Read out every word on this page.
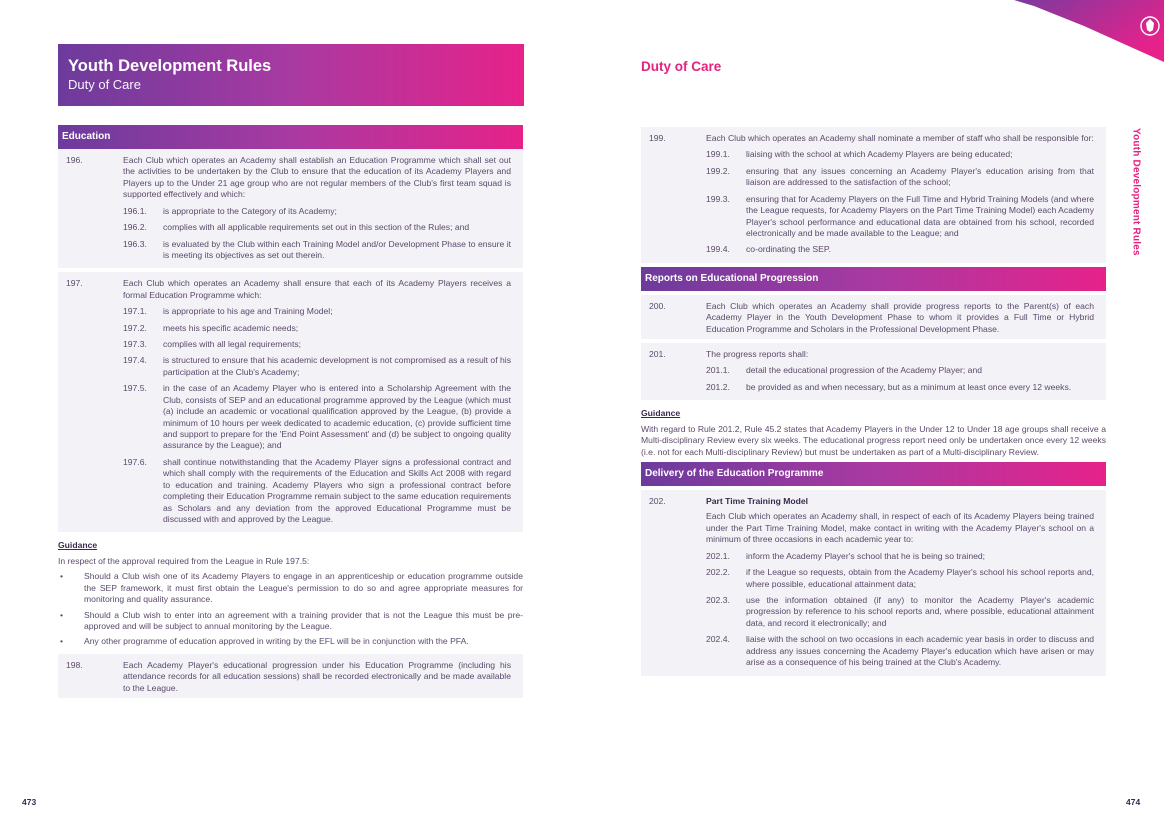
Youth Development Rules
Duty of Care
Education
196.	Each Club which operates an Academy shall establish an Education Programme which shall set out the activities to be undertaken by the Club to ensure that the education of its Academy Players and Players up to the Under 21 age group who are not regular members of the Club's first team squad is supported effectively and which:
196.1.	is appropriate to the Category of its Academy;
196.2.	complies with all applicable requirements set out in this section of the Rules; and
196.3.	is evaluated by the Club within each Training Model and/or Development Phase to ensure it is meeting its objectives as set out therein.
197.	Each Club which operates an Academy shall ensure that each of its Academy Players receives a formal Education Programme which:
197.1.	is appropriate to his age and Training Model;
197.2.	meets his specific academic needs;
197.3.	complies with all legal requirements;
197.4.	is structured to ensure that his academic development is not compromised as a result of his participation at the Club's Academy;
197.5.	in the case of an Academy Player who is entered into a Scholarship Agreement with the Club, consists of SEP and an educational programme approved by the League (which must (a) include an academic or vocational qualification approved by the League, (b) provide a minimum of 10 hours per week dedicated to academic education, (c) provide sufficient time and support to prepare for the 'End Point Assessment' and (d) be subject to ongoing quality assurance by the League); and
197.6.	shall continue notwithstanding that the Academy Player signs a professional contract and which shall comply with the requirements of the Education and Skills Act 2008 with regard to education and training. Academy Players who sign a professional contract before completing their Education Programme remain subject to the same education requirements as Scholars and any deviation from the approved Educational Programme must be discussed with and approved by the League.
Guidance
In respect of the approval required from the League in Rule 197.5:
•	Should a Club wish one of its Academy Players to engage in an apprenticeship or education programme outside the SEP framework, it must first obtain the League's permission to do so and agree appropriate measures for monitoring and quality assurance.
•	Should a Club wish to enter into an agreement with a training provider that is not the League this must be pre-approved and will be subject to annual monitoring by the League.
•	Any other programme of education approved in writing by the EFL will be in conjunction with the PFA.
198.	Each Academy Player's educational progression under his Education Programme (including his attendance records for all education sessions) shall be recorded electronically and be made available to the League.
Duty of Care
199.	Each Club which operates an Academy shall nominate a member of staff who shall be responsible for:
199.1.	liaising with the school at which Academy Players are being educated;
199.2.	ensuring that any issues concerning an Academy Player's education arising from that liaison are addressed to the satisfaction of the school;
199.3.	ensuring that for Academy Players on the Full Time and Hybrid Training Models (and where the League requests, for Academy Players on the Part Time Training Model) each Academy Player's school performance and educational data are obtained from his school, recorded electronically and be made available to the League; and
199.4.	co-ordinating the SEP.
Reports on Educational Progression
200.	Each Club which operates an Academy shall provide progress reports to the Parent(s) of each Academy Player in the Youth Development Phase to whom it provides a Full Time or Hybrid Education Programme and Scholars in the Professional Development Phase.
201.	The progress reports shall:
201.1.	detail the educational progression of the Academy Player; and
201.2.	be provided as and when necessary, but as a minimum at least once every 12 weeks.
Guidance
With regard to Rule 201.2, Rule 45.2 states that Academy Players in the Under 12 to Under 18 age groups shall receive a Multi-disciplinary Review every six weeks. The educational progress report need only be undertaken once every 12 weeks (i.e. not for each Multi-disciplinary Review) but must be undertaken as part of a Multi-disciplinary Review.
Delivery of the Education Programme
202.	Part Time Training Model
Each Club which operates an Academy shall, in respect of each of its Academy Players being trained under the Part Time Training Model, make contact in writing with the Academy Player's school on a minimum of three occasions in each academic year to:
202.1.	inform the Academy Player's school that he is being so trained;
202.2.	if the League so requests, obtain from the Academy Player's school his school reports and, where possible, educational attainment data;
202.3.	use the information obtained (if any) to monitor the Academy Player's academic progression by reference to his school reports and, where possible, educational attainment data, and record it electronically; and
202.4.	liaise with the school on two occasions in each academic year basis in order to discuss and address any issues concerning the Academy Player's education which have arisen or may arise as a consequence of his being trained at the Club's Academy.
Youth Development Rules
473	474
